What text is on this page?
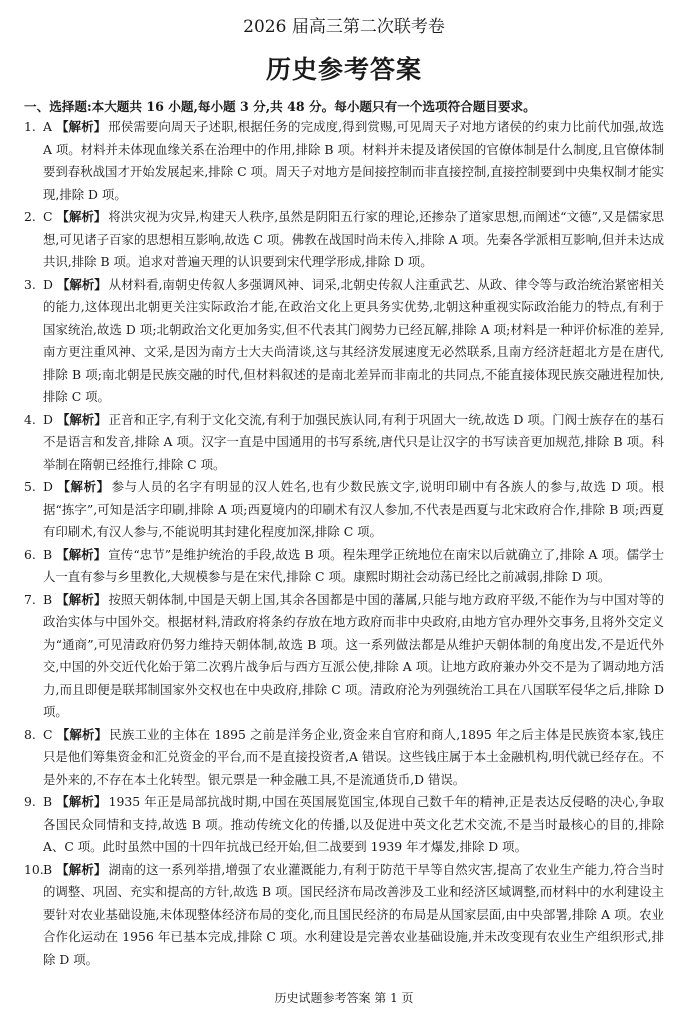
2026 届高三第二次联考卷
历史参考答案
一、选择题:本大题共 16 小题,每小题 3 分,共 48 分。每小题只有一个选项符合题目要求。
1. A 【解析】 邢侯需要向周天子述职,根据任务的完成度,得到赏赐,可见周天子对地方诸侯的约束力比前代加强,故选 A 项。材料并未体现血缘关系在治理中的作用,排除 B 项。材料并未提及诸侯国的官僚体制是什么制度,且官僚体制要到春秋战国才开始发展起来,排除 C 项。周天子对地方是间接控制而非直接控制,直接控制要到中央集权制才能实现,排除 D 项。
2. C 【解析】 将洪灾视为灾异,构建天人秩序,虽然是阴阳五行家的理论,还掺杂了道家思想,而阐述“文德”,又是儒家思想,可见诸子百家的思想相互影响,故选 C 项。佛教在战国时尚未传入,排除 A 项。先秦各学派相互影响,但并未达成共识,排除 B 项。追求对普遍天理的认识要到宋代理学形成,排除 D 项。
3. D 【解析】 从材料看,南朝史传叙人多强调风神、词采,北朝史传叙人注重武艺、从政、律令等与政治统治紧密相关的能力,这体现出北朝更关注实际政治才能,在政治文化上更具务实优势,北朝这种重视实际政治能力的特点,有利于国家统治,故选 D 项;北朝政治文化更加务实,但不代表其门阀势力已经瓦解,排除 A 项;材料是一种评价标准的差异,南方更注重风神、文采,是因为南方士大夫尚清谈,这与其经济发展速度无必然联系,且南方经济赶超北方是在唐代,排除 B 项;南北朝是民族交融的时代,但材料叙述的是南北差异而非南北的共同点,不能直接体现民族交融进程加快,排除 C 项。
4. D 【解析】 正音和正字,有利于文化交流,有利于加强民族认同,有利于巩固大一统,故选 D 项。门阀士族存在的基石不是语言和发音,排除 A 项。汉字一直是中国通用的书写系统,唐代只是让汉字的书写读音更加规范,排除 B 项。科举制在隋朝已经推行,排除 C 项。
5. D 【解析】 参与人员的名字有明显的汉人姓名,也有少数民族文字,说明印刷中有各族人的参与,故选 D 项。根据“拣字”,可知是活字印刷,排除 A 项;西夏境内的印刷术有汉人参加,不代表是西夏与北宋政府合作,排除 B 项;西夏有印刷术,有汉人参与,不能说明其封建化程度加深,排除 C 项。
6. B 【解析】 宣传“忠节”是维护统治的手段,故选 B 项。程朱理学正统地位在南宋以后就确立了,排除 A 项。儒学士人一直有参与乡里教化,大规模参与是在宋代,排除 C 项。康熙时期社会动荡已经比之前减弱,排除 D 项。
7. B 【解析】 按照天朝体制,中国是天朝上国,其余各国都是中国的藩属,只能与地方政府平级,不能作为与中国对等的政治实体与中国外交。根据材料,清政府将条约存放在地方政府而非中央政府,由地方官办理外交事务,且将外交定义为“通商”,可见清政府仍努力维持天朝体制,故选 B 项。这一系列做法都是从维护天朝体制的角度出发,不是近代外交,中国的外交近代化始于第二次鸦片战争后与西方互派公使,排除 A 项。让地方政府兼办外交不是为了调动地方活力,而且即便是联邦制国家外交权也在中央政府,排除 C 项。清政府沦为列强统治工具在八国联军侵华之后,排除 D 项。
8. C 【解析】 民族工业的主体在 1895 之前是洋务企业,资金来自官府和商人,1895 年之后主体是民族资本家,钱庄只是他们筹集资金和汇兑资金的平台,而不是直接投资者,A 错误。这些钱庄属于本土金融机构,明代就已经存在。不是外来的,不存在本土化转型。银元票是一种金融工具,不是流通货币,D 错误。
9. B 【解析】 1935 年正是局部抗战时期,中国在英国展览国宝,体现自己数千年的精神,正是表达反侵略的决心,争取各国民众同情和支持,故选 B 项。推动传统文化的传播,以及促进中英文化艺术交流,不是当时最核心的目的,排除 A、C 项。此时虽然中国的十四年抗战已经开始,但二战要到 1939 年才爆发,排除 D 项。
10. B 【解析】 湖南的这一系列举措,增强了农业灌溉能力,有利于防范干旱等自然灾害,提高了农业生产能力,符合当时的调整、巩固、充实和提高的方针,故选 B 项。国民经济布局改善涉及工业和经济区域调整,而材料中的水利建设主要针对农业基础设施,未体现整体经济布局的变化,而且国民经济的布局是从国家层面,由中央部署,排除 A 项。农业合作化运动在 1956 年已基本完成,排除 C 项。水利建设是完善农业基础设施,并未改变现有农业生产组织形式,排除 D 项。
历史试题参考答案 第 1 页
